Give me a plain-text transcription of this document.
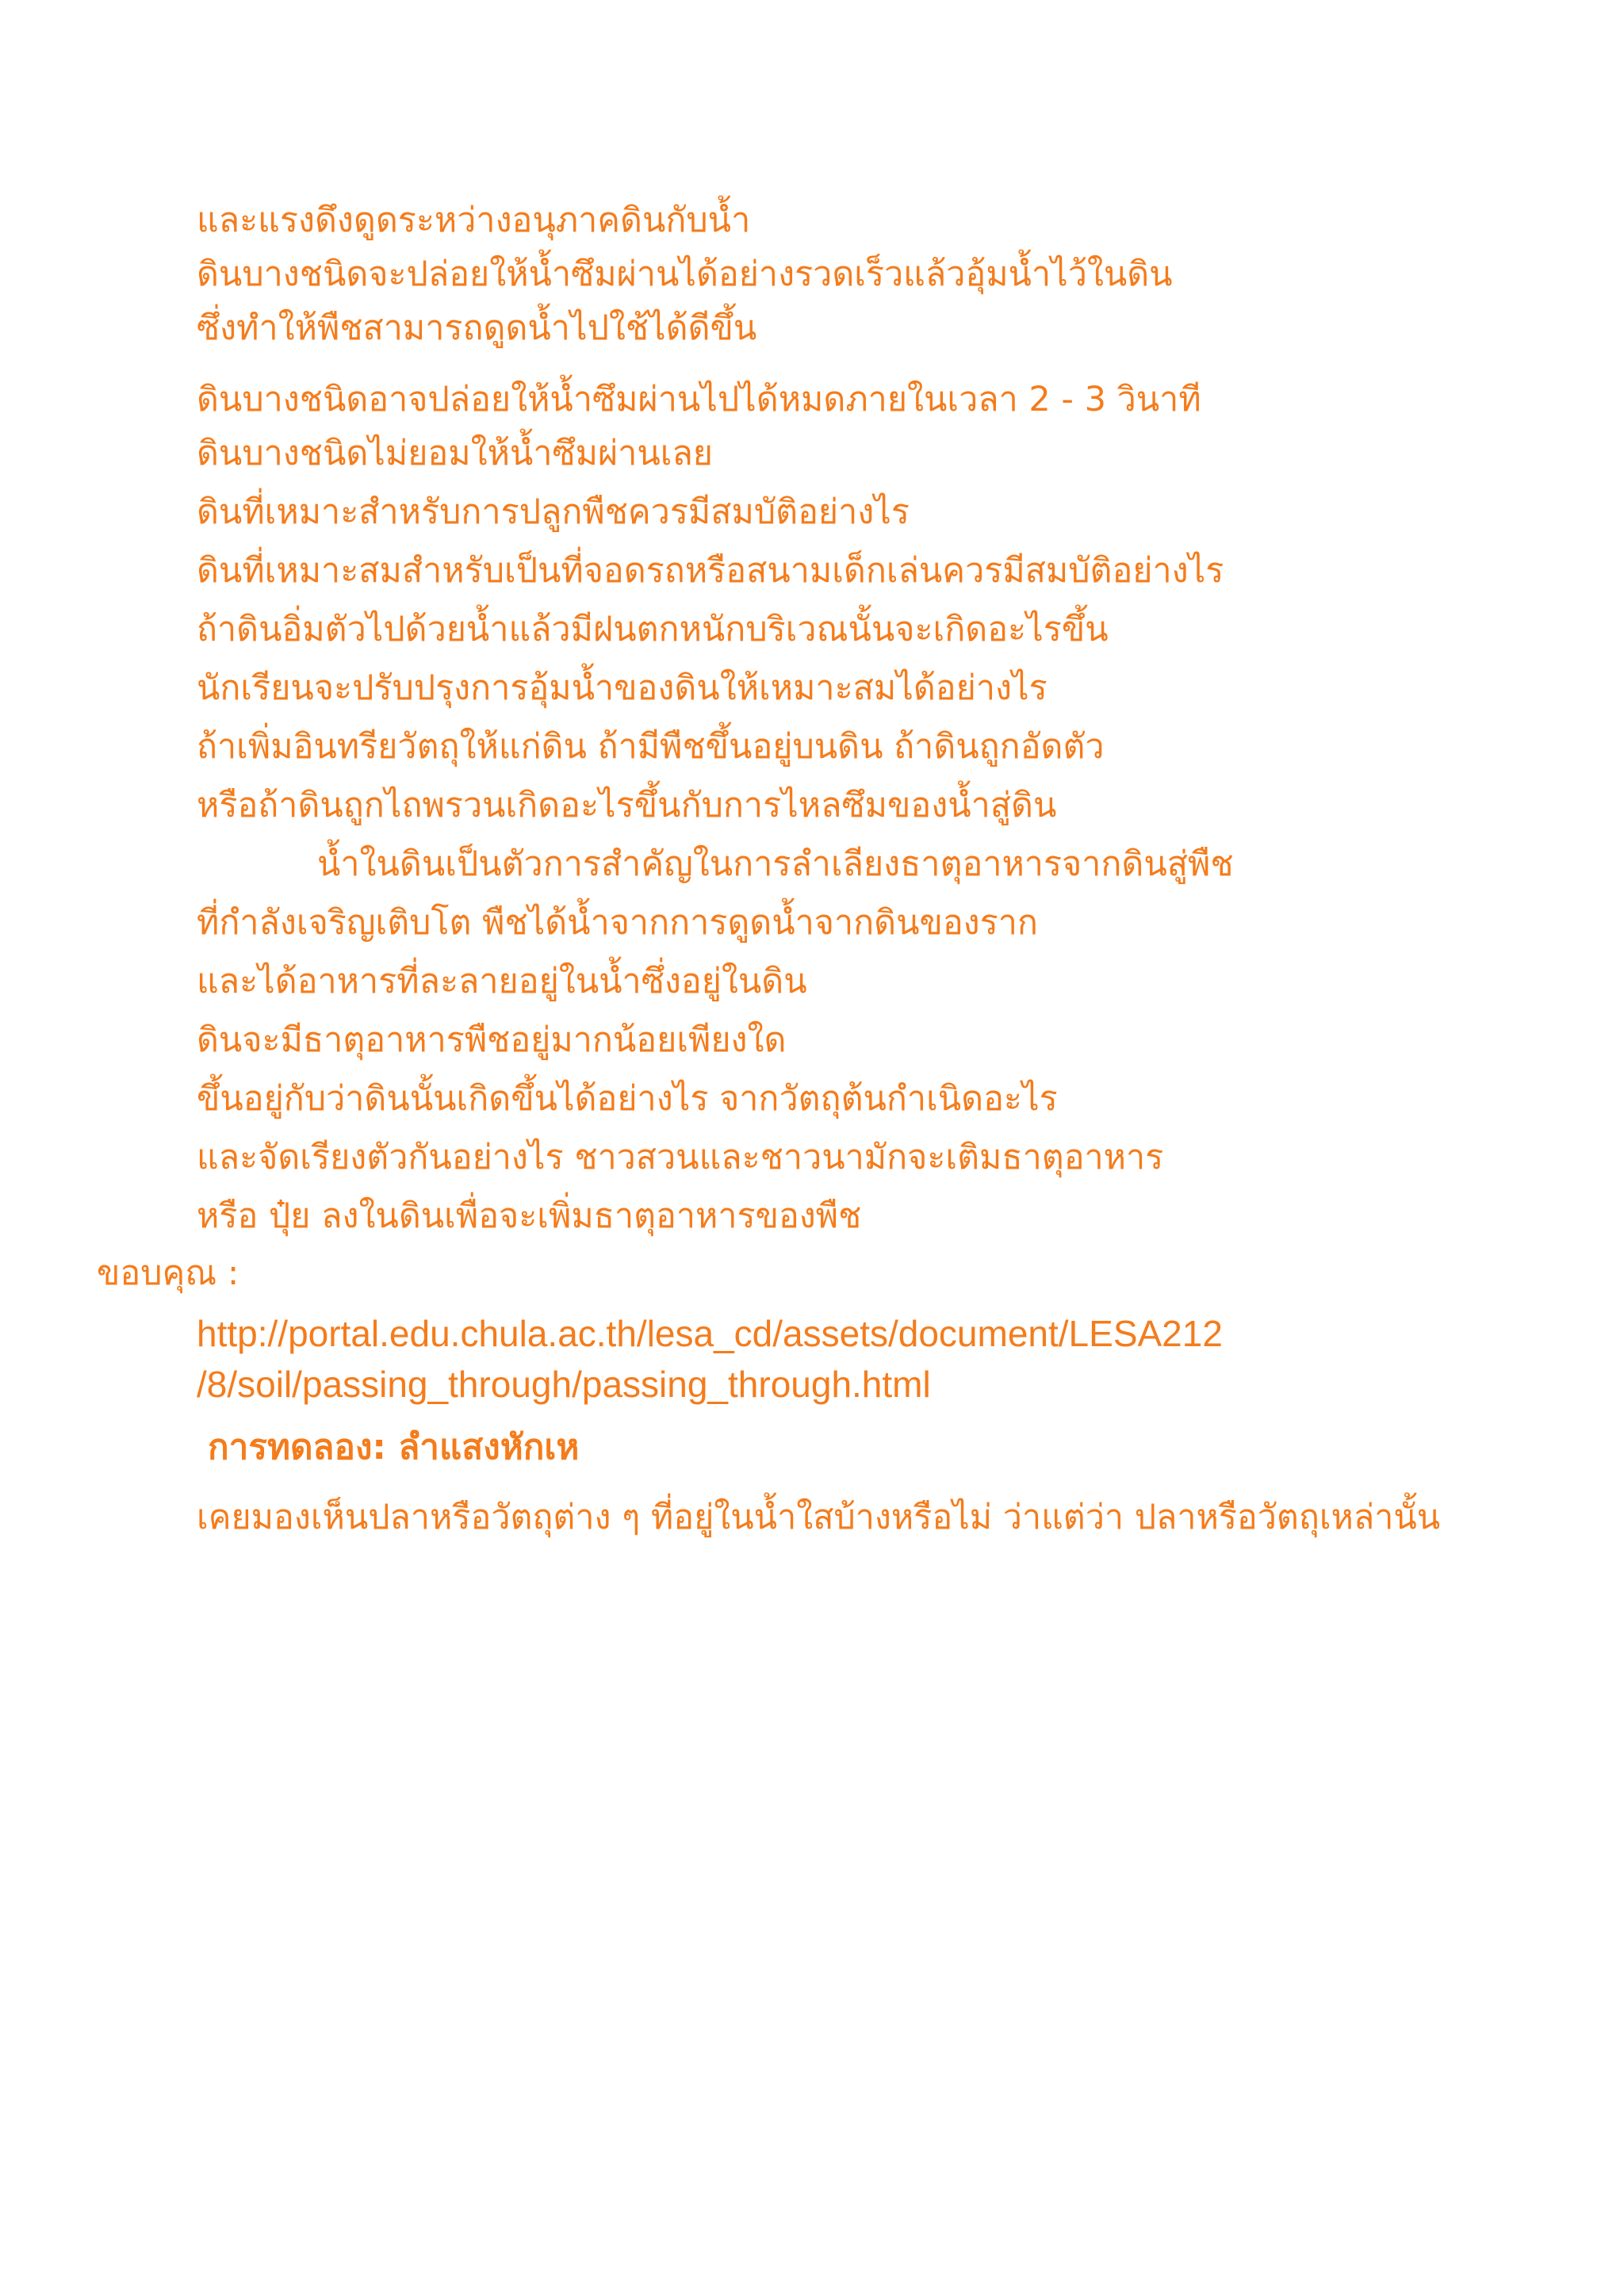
และแรงดึงดูดระหว่างอนุภาคดินกับน้ำ
ดินบางชนิดจะปล่อยให้น้ำซึมผ่านได้อย่างรวดเร็วแล้วอุ้มน้ำไว้ในดิน
ซึ่งทำให้พืชสามารถดูดน้ำไปใช้ได้ดีขึ้น
ดินบางชนิดอาจปล่อยให้น้ำซึมผ่านไปได้หมดภายในเวลา 2 - 3 วินาที
ดินบางชนิดไม่ยอมให้น้ำซึมผ่านเลย
ดินที่เหมาะสำหรับการปลูกพืชควรมีสมบัติอย่างไร
ดินที่เหมาะสมสำหรับเป็นที่จอดรถหรือสนามเด็กเล่นควรมีสมบัติอย่างไร
ถ้าดินอิ่มตัวไปด้วยน้ำแล้วมีฝนตกหนักบริเวณนั้นจะเกิดอะไรขึ้น
นักเรียนจะปรับปรุงการอุ้มน้ำของดินให้เหมาะสมได้อย่างไร
ถ้าเพิ่มอินทรียวัตถุให้แก่ดิน ถ้ามีพืชขึ้นอยู่บนดิน ถ้าดินถูกอัดตัว
หรือถ้าดินถูกไถพรวนเกิดอะไรขึ้นกับการไหลซึมของน้ำสู่ดิน
น้ำในดินเป็นตัวการสำคัญในการลำเลียงธาตุอาหารจากดินสู่พืช
ที่กำลังเจริญเติบโต พืชได้น้ำจากการดูดน้ำจากดินของราก
และได้อาหารที่ละลายอยู่ในน้ำซึ่งอยู่ในดิน
ดินจะมีธาตุอาหารพืชอยู่มากน้อยเพียงใด
ขึ้นอยู่กับว่าดินนั้นเกิดขึ้นได้อย่างไร จากวัตถุต้นกำเนิดอะไร
และจัดเรียงตัวกันอย่างไร ชาวสวนและชาวนามักจะเติมธาตุอาหาร
หรือ ปุ๋ย ลงในดินเพื่อจะเพิ่มธาตุอาหารของพืช
ขอบคุณ :
http://portal.edu.chula.ac.th/lesa_cd/assets/document/LESA212
/8/soil/passing_through/passing_through.html
การทดลอง: ลำแสงหักเห
เคยมองเห็นปลาหรือวัตถุต่าง ๆ ที่อยู่ในน้ำใสบ้างหรือไม่ ว่าแต่ว่า ปลาหรือวัตถุเหล่านั้น
